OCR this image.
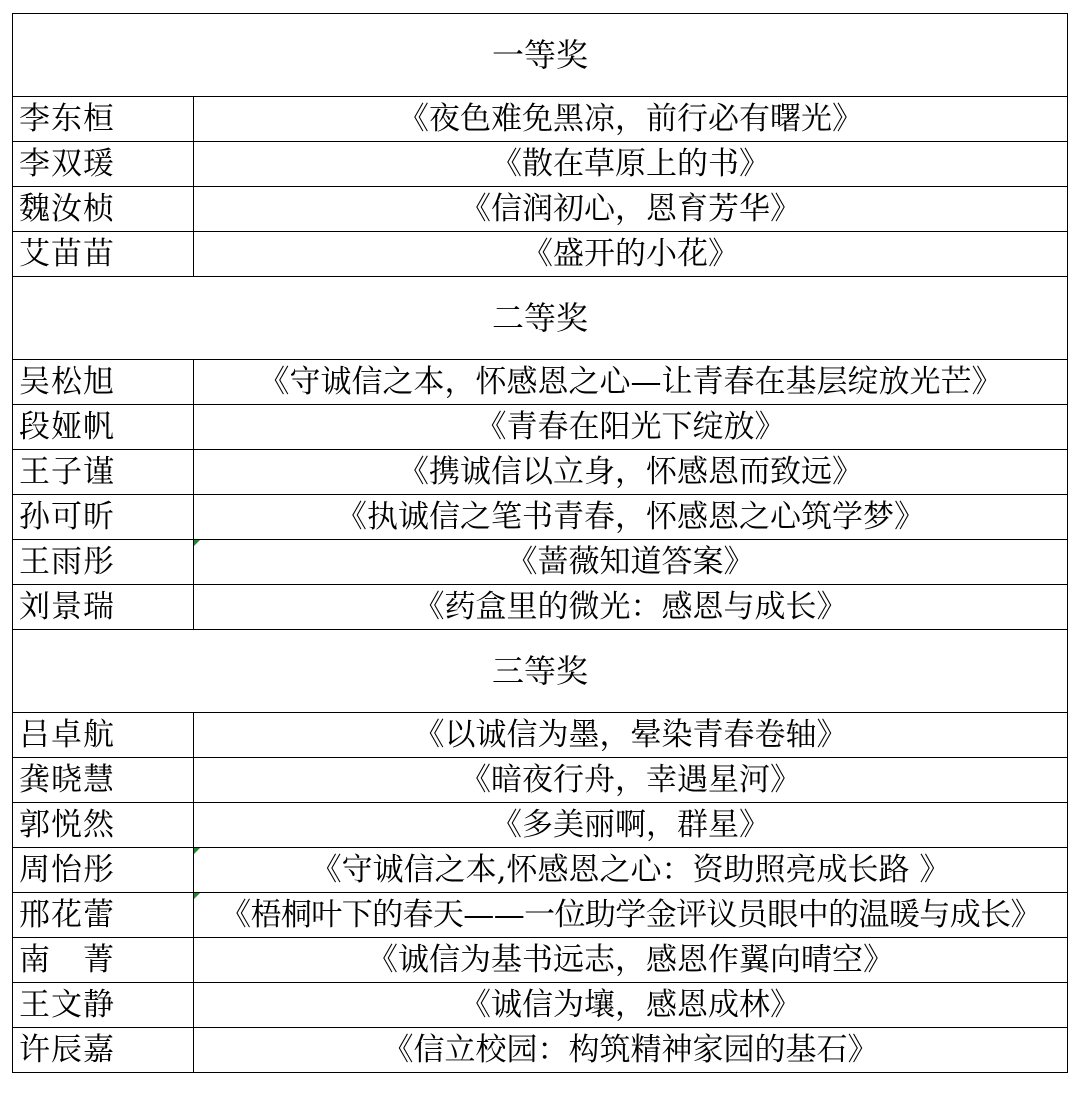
一等奖	
李东桓	《夜色难免黑凉，前行必有曙光》
李双瑗	《散在草原上的书》
魏汝桢	《信润初心，恩育芳华》
艾苗苗	《盛开的小花》
二等奖	
吴松旭	《守诚信之本，怀感恩之心—让青春在基层绽放光芒》
段娅帆	《青春在阳光下绽放》
王子谨	《携诚信以立身，怀感恩而致远》
孙可昕	《执诚信之笔书青春，怀感恩之心筑学梦》
王雨彤	《蔷薇知道答案》
刘景瑞	《药盒里的微光：感恩与成长》
三等奖	
吕卓航	《以诚信为墨，晕染青春卷轴》
龚晓慧	《暗夜行舟，幸遇星河》
郭悦然	《多美丽啊，群星》
周怡彤	《守诚信之本,怀感恩之心：资助照亮成长路 》
邢花蕾	《梧桐叶下的春天——一位助学金评议员眼中的温暖与成长》
南　菁	《诚信为基书远志，感恩作翼向晴空》
王文静	《诚信为壤，感恩成林》
许辰嘉	《信立校园：构筑精神家园的基石》
